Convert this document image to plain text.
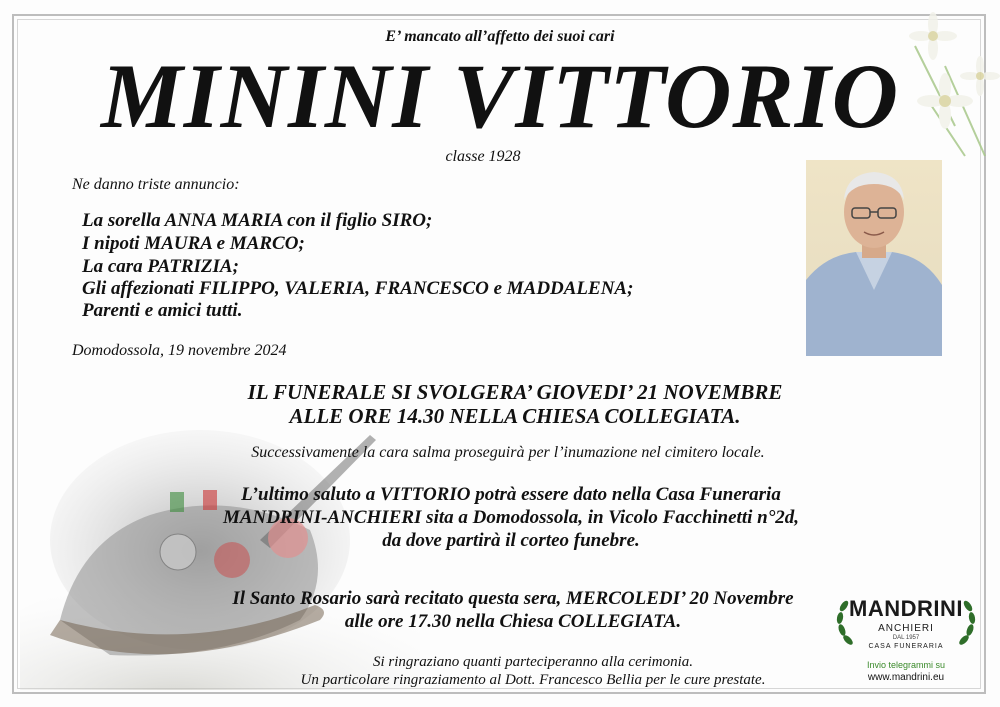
E’ mancato all’affetto dei suoi cari
MININI VITTORIO
classe 1928
Ne danno triste annuncio:
La sorella ANNA MARIA con il figlio SIRO;
I nipoti MAURA e MARCO;
La cara PATRIZIA;
Gli affezionati FILIPPO, VALERIA, FRANCESCO e MADDALENA;
Parenti e amici tutti.
Domodossola, 19 novembre 2024
IL FUNERALE SI SVOLGERA’ GIOVEDI’ 21 NOVEMBRE
ALLE ORE 14.30 NELLA CHIESA COLLEGIATA.
Successivamente la cara salma proseguirà per l’inumazione nel cimitero locale.
L’ultimo saluto a VITTORIO potrà essere dato nella Casa Funeraria
MANDRINI-ANCHIERI sita a Domodossola, in Vicolo Facchinetti n°2d,
da dove partirà il corteo funebre.
Il Santo Rosario sarà recitato questa sera, MERCOLEDI’ 20 Novembre
alle ore 17.30 nella Chiesa COLLEGIATA.
Si ringraziano quanti parteciperanno alla cerimonia.
Un particolare ringraziamento al Dott. Francesco Bellia per le cure prestate.
MANDRINI
ANCHIERI
DAL 1957
CASA FUNERARIA
Invio telegrammi su
www.mandrini.eu
